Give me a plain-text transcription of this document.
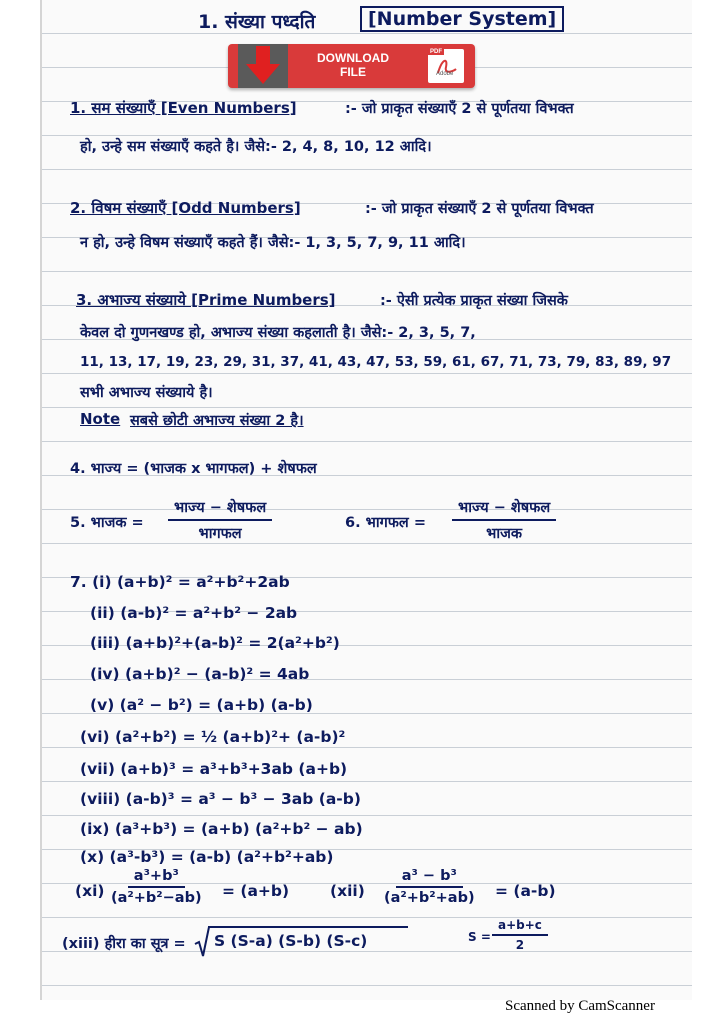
1. संख्या पध्दति	[Number System]
DOWNLOAD
FILE
PDF
Adobe
1. सम संख्याएँ [Even Numbers]	:- जो प्राकृत संख्याएँ 2 से पूर्णतया विभक्त
हो, उन्हे सम संख्याएँ कहते है। जैसे:- 2, 4, 8, 10, 12 आदि।
2. विषम संख्याएँ [Odd Numbers]	:- जो प्राकृत संख्याएँ 2 से पूर्णतया विभक्त
न हो, उन्हे विषम संख्याएँ कहते हैं। जैसे:- 1, 3, 5, 7, 9, 11 आदि।
3. अभाज्य संख्याये [Prime Numbers]	:- ऐसी प्रत्येक प्राकृत संख्या जिसके
केवल दो गुणनखण्ड हो, अभाज्य संख्या कहलाती है। जैसे:- 2, 3, 5, 7,
11, 13, 17, 19, 23, 29, 31, 37, 41, 43, 47, 53, 59, 61, 67, 71, 73, 79, 83, 89, 97
सभी अभाज्य संख्याये है।
Note सबसे छोटी अभाज्य संख्या 2 है।
4. भाज्य = (भाजक x भागफल) + शेषफल
5. भाजक =
भाज्य − शेषफल
भागफल
6. भागफल =
भाज्य − शेषफल
भाजक
7. (i) (a+b)² = a²+b²+2ab
(ii) (a-b)² = a²+b² − 2ab
(iii) (a+b)²+(a-b)² = 2(a²+b²)
(iv) (a+b)² − (a-b)² = 4ab
(v) (a² − b²) = (a+b) (a-b)
(vi) (a²+b²) = ½ (a+b)²+ (a-b)²
(vii) (a+b)³ = a³+b³+3ab (a+b)
(viii) (a-b)³ = a³ − b³ − 3ab (a-b)
(ix) (a³+b³) = (a+b) (a²+b² − ab)
(x) (a³-b³) = (a-b) (a²+b²+ab)
$(xi) \frac{\text{a³+b³}}{\text{(a²+b²−ab)}} = (a+b)$	$(xii) \frac{\text{a³ − b³}}{\text{(a²+b²+ab)}} = (a-b)$
(xiii) हीरा का सूत्र = S (S-a) (S-b) (S-c)	$S = \frac{a+b+c}{2}$
Scanned by CamScanner
